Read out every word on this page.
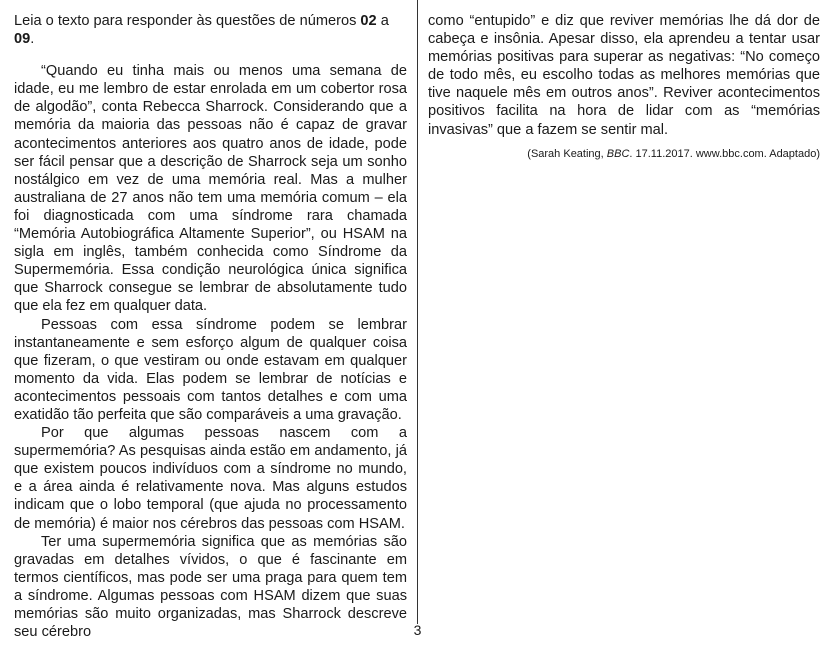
Leia o texto para responder às questões de números 02 a 09.

“Quando eu tinha mais ou menos uma semana de idade, eu me lembro de estar enrolada em um cobertor rosa de algodão”, conta Rebecca Sharrock. Considerando que a memória da maioria das pessoas não é capaz de gravar acontecimentos anteriores aos quatro anos de idade, pode ser fácil pensar que a descrição de Sharrock seja um sonho nostálgico em vez de uma memória real. Mas a mulher australiana de 27 anos não tem uma memória comum – ela foi diagnosticada com uma síndrome rara chamada “Memória Autobiográfica Altamente Superior”, ou HSAM na sigla em inglês, também conhecida como Síndrome da Supermemória. Essa condição neurológica única significa que Sharrock consegue se lembrar de absolutamente tudo que ela fez em qualquer data.

Pessoas com essa síndrome podem se lembrar instantaneamente e sem esforço algum de qualquer coisa que fizeram, o que vestiram ou onde estavam em qualquer momento da vida. Elas podem se lembrar de notícias e acontecimentos pessoais com tantos detalhes e com uma exatidão tão perfeita que são comparáveis a uma gravação.

Por que algumas pessoas nascem com a supermemória? As pesquisas ainda estão em andamento, já que existem poucos indivíduos com a síndrome no mundo, e a área ainda é relativamente nova. Mas alguns estudos indicam que o lobo temporal (que ajuda no processamento de memória) é maior nos cérebros das pessoas com HSAM.

Ter uma supermemória significa que as memórias são gravadas em detalhes vívidos, o que é fascinante em termos científicos, mas pode ser uma praga para quem tem a síndrome. Algumas pessoas com HSAM dizem que suas memórias são muito organizadas, mas Sharrock descreve seu cérebro

como “entupido” e diz que reviver memórias lhe dá dor de cabeça e insônia. Apesar disso, ela aprendeu a tentar usar memórias positivas para superar as negativas: “No começo de todo mês, eu escolho todas as melhores memórias que tive naquele mês em outros anos”. Reviver acontecimentos positivos facilita na hora de lidar com as “memórias invasivas” que a fazem se sentir mal.

(Sarah Keating, BBC. 17.11.2017. www.bbc.com. Adaptado)

3
